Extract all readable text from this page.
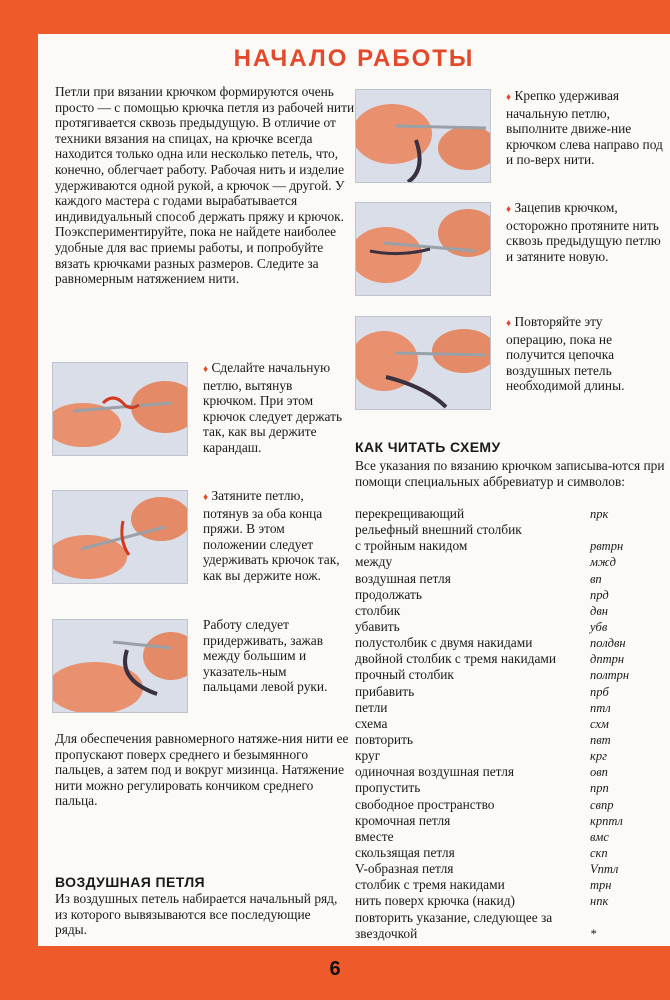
НАЧАЛО РАБОТЫ
Петли при вязании крючком формируются очень просто — с помощью крючка петля из рабочей нити протягивается сквозь предыдущую. В отличие от техники вязания на спицах, на крючке всегда находится только одна или несколько петель, что, конечно, облегчает работу. Рабочая нить и изделие удерживаются одной рукой, а крючок — другой. У каждого мастера с годами вырабатывается индивидуальный способ держать пряжу и крючок. Поэкспериментируйте, пока не найдете наиболее удобные для вас приемы работы, и попробуйте вязать крючками разных размеров. Следите за равномерным натяжением нити.
♦ Сделайте начальную петлю, вытянув крючком. При этом крючок следует держать так, как вы держите карандаш.
♦ Затяните петлю, потянув за оба конца пряжи. В этом положении следует удерживать крючок так, как вы держите нож.
Работу следует придерживать, зажав между большим и указатель-ным пальцами левой руки.
Для обеспечения равномерного натяже-ния нити ее пропускают поверх среднего и безымянного пальцев, а затем под и вокруг мизинца. Натяжение нити можно регулировать кончиком среднего пальца.
ВОЗДУШНАЯ ПЕТЛЯ
Из воздушных петель набирается начальный ряд, из которого вывязываются все последующие ряды.
♦ Крепко удерживая начальную петлю, выполните движе-ние крючком слева направо под и по-верх нити.
♦ Зацепив крючком, осторожно протяните нить сквозь предыдущую петлю и затяните новую.
♦ Повторяйте эту операцию, пока не получится цепочка воздушных петель необходимой длины.
КАК ЧИТАТЬ СХЕМУ
Все указания по вязанию крючком записыва-ются при помощи специальных аббревиатур и символов:
перекрещивающий	прк
рельефный внешний столбик
с тройным накидом	рвтрн
между	мжд
воздушная петля	вп
продолжать	прд
столбик	двн
убавить	убв
полустолбик с двумя накидами	полдвн
двойной столбик с тремя накидами	дптрн
прочный столбик	полтрн
прибавить	прб
петли	птл
схема	схм
повторить	пвт
круг	крг
одиночная воздушная петля	овп
пропустить	прп
свободное пространство	свпр
кромочная петля	крптл
вместе	вмс
скользящая петля	скп
V-образная петля	Vптл
столбик с тремя накидами	трн
нить поверх крючка (накид)	нпк
повторить указание, следующее за звездочкой	*
6
